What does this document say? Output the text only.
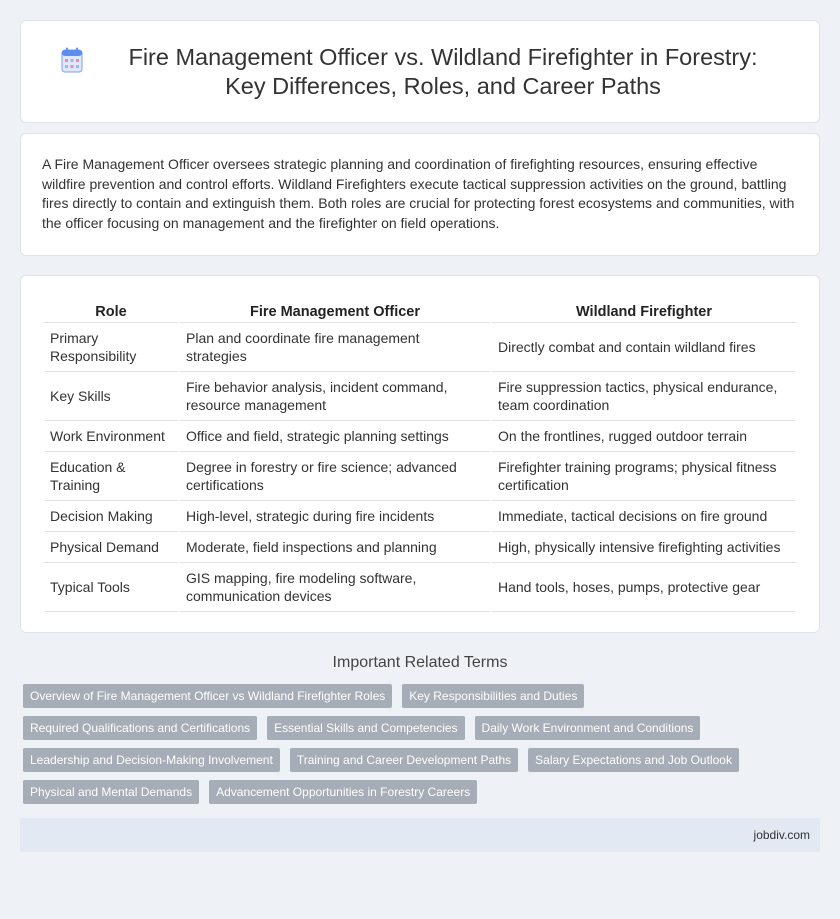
Fire Management Officer vs. Wildland Firefighter in Forestry: Key Differences, Roles, and Career Paths
A Fire Management Officer oversees strategic planning and coordination of firefighting resources, ensuring effective wildfire prevention and control efforts. Wildland Firefighters execute tactical suppression activities on the ground, battling fires directly to contain and extinguish them. Both roles are crucial for protecting forest ecosystems and communities, with the officer focusing on management and the firefighter on field operations.
Role	Fire Management Officer	Wildland Firefighter
Primary Responsibility	Plan and coordinate fire management strategies	Directly combat and contain wildland fires
Key Skills	Fire behavior analysis, incident command, resource management	Fire suppression tactics, physical endurance, team coordination
Work Environment	Office and field, strategic planning settings	On the frontlines, rugged outdoor terrain
Education & Training	Degree in forestry or fire science; advanced certifications	Firefighter training programs; physical fitness certification
Decision Making	High-level, strategic during fire incidents	Immediate, tactical decisions on fire ground
Physical Demand	Moderate, field inspections and planning	High, physically intensive firefighting activities
Typical Tools	GIS mapping, fire modeling software, communication devices	Hand tools, hoses, pumps, protective gear
Important Related Terms
Overview of Fire Management Officer vs Wildland Firefighter Roles	Key Responsibilities and Duties
Required Qualifications and Certifications	Essential Skills and Competencies	Daily Work Environment and Conditions
Leadership and Decision-Making Involvement	Training and Career Development Paths	Salary Expectations and Job Outlook
Physical and Mental Demands	Advancement Opportunities in Forestry Careers
jobdiv.com
